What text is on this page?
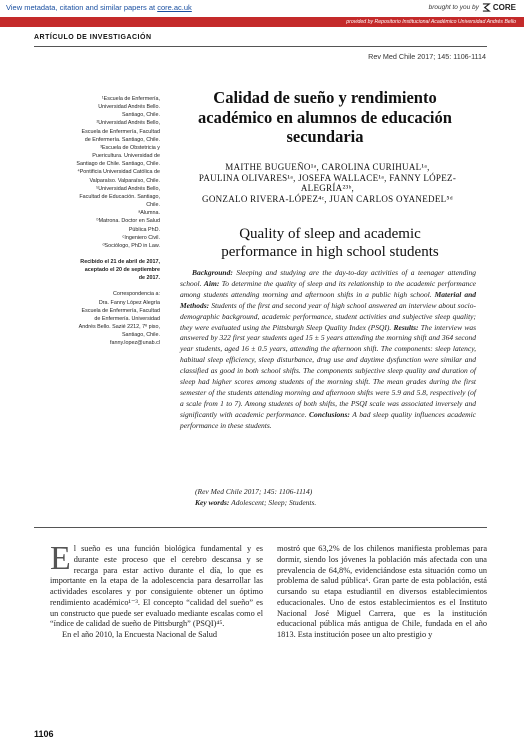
View metadata, citation and similar papers at core.ac.uk	brought to you by CORE
provided by Repositorio Institucional Académico Universidad Andrés Bello
ARTÍCULO DE INVESTIGACIÓN
Rev Med Chile 2017; 145: 1106-1114

¹Escuela de Enfermería,

Universidad Andrés Bello.

Santiago, Chile.

²Universidad Andrés Bello,

Escuela de Enfermería, Facultad

de Enfermería. Santiago, Chile.

³Escuela de Obstetricia y

Puericultura. Universidad de

Santiago de Chile. Santiago, Chile.

⁴Pontificia Universidad Católica de

Valparaíso. Valparaíso, Chile.

⁵Universidad Andrés Bello,

Facultad de Educación. Santiago,

Chile.

ᵃAlumna.

ᵇMatrona. Doctor en Salud

Pública PhD.

ᶜIngeniero Civil.

ᵈSociólogo, PhD in Law.

Recibido el 21 de abril de 2017,

aceptado el 20 de septiembre

de 2017.

Correspondencia a:

Dra. Fanny López Alegría

Escuela de Enfermería, Facultad

de Enfermería. Universidad

Andrés Bello. Sazié 2212, 7º piso,

Santiago, Chile.

fanny.lopez@unab.cl

Calidad de sueño y rendimiento académico en alumnos de educación secundaria
MAITHE BUGUEÑO¹ᵃ, CAROLINA CURIHUAL¹ᵃ,
PAULINA OLIVARES¹ᵃ, JOSEFA WALLACE¹ᵃ, FANNY LÓPEZ-ALEGRÍA²³ᵇ,
GONZALO RIVERA-LÓPEZ⁴ᶜ, JUAN CARLOS OYANEDEL⁵ᵈ
Quality of sleep and academic performance in high school students

Background: Sleeping and studying are the day-to-day activities of a teenager attending school. Aim: To determine the quality of sleep and its relationship to the academic performance among students attending morning and afternoon shifts in a public high school. Material and Methods: Students of the first and second year of high school answered an interview about socio-demographic background, academic performance, student activities and subjective sleep quality; they were evaluated using the Pittsburgh Sleep Quality Index (PSQI). Results: The interview was answered by 322 first year students aged 15 ± 5 years attending the morning shift and 364 second year students, aged 16 ± 0.5 years, attending the afternoon shift. The components: sleep latency, habitual sleep efficiency, sleep disturbance, drug use and daytime dysfunction were similar and classified as good in both school shifts. The components subjective sleep quality and duration of sleep had higher scores among students of the morning shift. The mean grades during the first semester of the students attending morning and afternoon shifts were 5.9 and 5.8, respectively (of a scale from 1 to 7). Among students of both shifts, the PSQI scale was associated inversely and significantly with academic performance. Conclusions: A bad sleep quality influences academic performance in these students.

(Rev Med Chile 2017; 145: 1106-1114)
Key words: Adolescent; Sleep; Students.

El sueño es una función biológica fundamental y es durante este proceso que el cerebro descansa y se recarga para estar activo durante el día, lo que es importante en la etapa de la adolescencia para desarrollar las actividades escolares y por consiguiente obtener un óptimo rendimiento académico¹⁻³. El concepto “calidad del sueño” es un constructo que puede ser evaluado mediante escalas como el “índice de calidad de sueño de Pittsburgh” (PSQI)⁴⁵.

En el año 2010, la Encuesta Nacional de Salud

mostró que 63,2% de los chilenos manifiesta problemas para dormir, siendo los jóvenes la población más afectada con una prevalencia de 64,8%, evidenciándose esta situación como un problema de salud pública⁶. Gran parte de esta población, está cursando su etapa estudiantil en diversos establecimientos educacionales. Uno de estos establecimientos es el Instituto Nacional José Miguel Carrera, que es la institución educacional pública más antigua de Chile, fundada en el año 1813. Esta institución posee un alto prestigio y

1106
